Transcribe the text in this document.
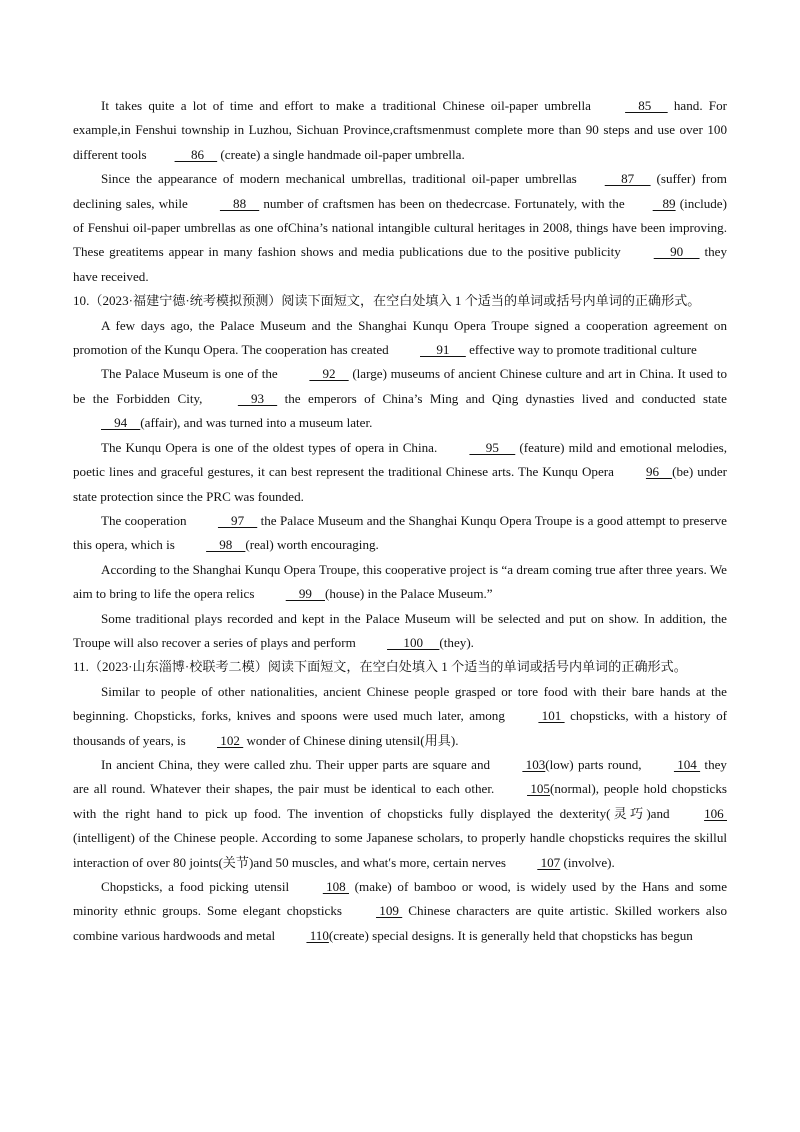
It takes quite a lot of time and effort to make a traditional Chinese oil-paper umbrella     85      hand. For example,in Fenshui township in Luzhou, Sichuan Province,craftsmenmust complete more than 90 steps and use over 100 different tools     86     (create) a single handmade oil-paper umbrella.

Since the appearance of modern mechanical umbrellas, traditional oil-paper umbrellas     87      (suffer) from declining sales, while     88     number of craftsmen has been on thedecrcase. Fortunately, with the   89 (include) of Fenshui oil-paper umbrellas as one ofChina’s national intangible cultural heritages in 2008, things have been improving. These greatitems appear in many fashion shows and media publications due to the positive publicity      90      they have received.

10.（2023·福建宁德·统考模拟预测）阅读下面短文，在空白处填入 1 个适当的单词或括号内单词的正确形式。

A few days ago, the Palace Museum and the Shanghai Kunqu Opera Troupe signed a cooperation agreement on promotion of the Kunqu Opera. The cooperation has created      91      effective way to promote traditional culture

The Palace Museum is one of the     92     (large) museums of ancient Chinese culture and art in China. It used to be the Forbidden City,     93     the emperors of China’s Ming and Qing dynasties lived and conducted state     94    (affair), and was turned into a museum later.

The Kunqu Opera is one of the oldest types of opera in China.      95      (feature) mild and emotional melodies, poetic lines and graceful gestures, it can best represent the traditional Chinese arts. The Kunqu Opera 96    (be) under state protection since the PRC was founded.

The cooperation     97     the Palace Museum and the Shanghai Kunqu Opera Troupe is a good attempt to preserve this opera, which is     98    (real) worth encouraging.

According to the Shanghai Kunqu Opera Troupe, this cooperative project is “a dream coming true after three years. We aim to bring to life the opera relics     99    (house) in the Palace Museum.”

Some traditional plays recorded and kept in the Palace Museum will be selected and put on show. In addition, the Troupe will also recover a series of plays and perform      100     (they).

11.（2023·山东淄博·校联考二模）阅读下面短文，在空白处填入 1 个适当的单词或括号内单词的正确形式。

Similar to people of other nationalities, ancient Chinese people grasped or tore food with their bare hands at the beginning. Chopsticks, forks, knives and spoons were used much later, among  101  chopsticks, with a history of thousands of years, is  102  wonder of Chinese dining utensil(用具).

In ancient China, they were called zhu. Their upper parts are square and  103(low) parts round,  104  they are all round. Whatever their shapes, the pair must be identical to each other.  105(normal), people hold chopsticks with the right hand to pick up food. The invention of chopsticks fully displayed the dexterity(灵巧)and 106  (intelligent) of the Chinese people. According to some Japanese scholars, to properly handle chopsticks requires the skillul interaction of over 80 joints(关节)and 50 muscles, and what′s more, certain nerves  107 (involve).

Chopsticks, a food picking utensil  108  (make) of bamboo or wood, is widely used by the Hans and some minority ethnic groups. Some elegant chopsticks  109  Chinese characters are quite artistic. Skilled workers also combine various hardwoods and metal  110(create) special designs. It is generally held that chopsticks has begun
